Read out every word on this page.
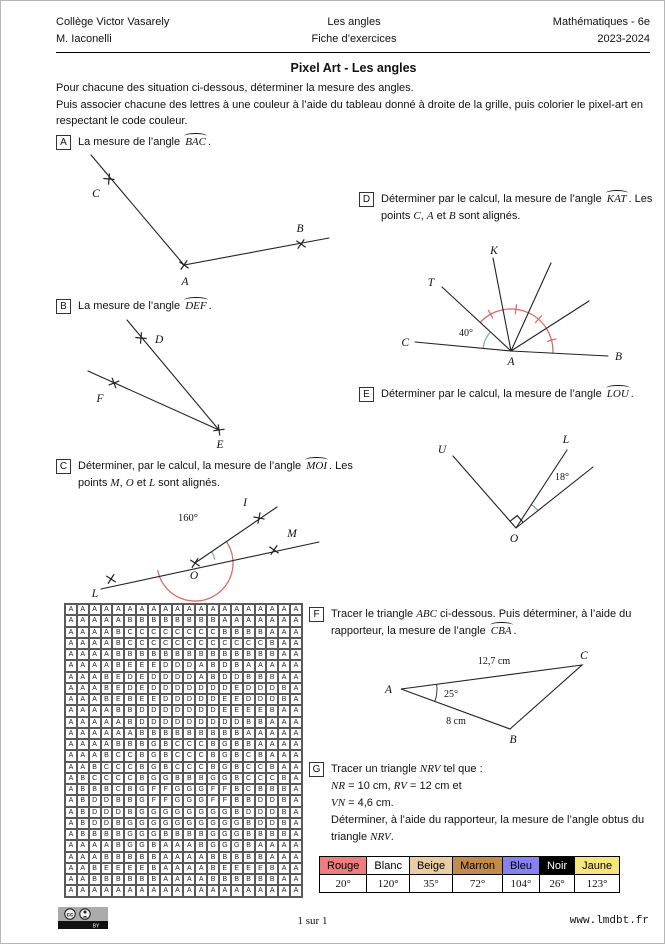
Collège Victor Vasarely
M. Iaconelli
Les angles
Fiche d’exercices
Mathématiques - 6e
2023-2024
Pixel Art - Les angles
Pour chacune des situation ci-dessous, déterminer la mesure des angles.
Puis associer chacune des lettres à une couleur à l’aide du tableau donné à droite de la grille, puis colorier le pixel-art en respectant le code couleur.
A	La mesure de l’angle BAC .
C
A
B
B	La mesure de l’angle DEF .
D
F
E
C Déterminer, par le calcul, la mesure de l’angle MOI . Les points M, O et L sont alignés.
160°
L
O
M
I
A	A	A	A	A	A	A	A	A	A	A	A	A	A	A	A	A	A	A	A
A	A	A	A	A	B	B	B	B	B	B	B	B	A	A	A	A	A	A	A
A	A	A	A	B C C C C C C C C B	B	B	B	A	A	A
A	A	A	A	B C C C C C C C C C C C C B	A	A
A	A	A	A	B	B	B	B	B	B	B	B	B	B	B	B	B	B	A	A
A	A	A	A	B	E	E	E D D D A	B D B	A	A	A	A	A
A	A	A	B	E D E D D D D A	B D D B	B	B	A	A
A	A	A	B	E D E D D D D D D D E D D D B	A
A	A	A	B	E	B	E	E D D D D D E	E D D D B	A
A	A	A	A	B	B D D D D D D D E	E	E	E	B	A	A
A	A	A	A	A	B D D D D D D D D D B	B	A	A	A
A	A	A	A	A	A	B	B	B	B	B	B	B	B	B	A	A	A	A	A
A	A	A	A	B	B	B G B C C C B G B	B	A	A	A	A
A	A	A	B C C B G B C C C B G B C B	A	A	A
A	A	B C C C B G B C C C B G B C C B	A	A
A	B C C C C B G G B	B	B G G B C C C B	A
A	B	B	B C B G F	F G G G F	F	B C B	B	B	A
A	B D D B	B G F	F G G G F	F	B	B D D B	A
A	B D D D B G G G G G G G G B D D D B	A
A	B D D B G G G G G G G G G G B D D B	A
A	B	B	B	B G G G B	B	B	B G G G B	B	B	B	A
A	A	A	A	B G G B	A	A	A	B G G G B	A	A	A	A
A	A	A	B	B	B	B	B	A	A	A	A	B	B	B	B	B	A	A	A
A	A	B	E	E	E	E	B	A	A	A	A	B	E	E	E	E	B	A	A
A	A	B	B	B	B	B	B	A	A	A	A	B	B	B	B	B	B	A	A
A	A	A	A	A	A	A	A	A	A	A	A	A	A	A	A	A	A	A	A
D Déterminer par le calcul, la mesure de l’angle KAT . Les points C, A et B sont alignés.
C
B
A
T
K
40°
E	Déterminer par le calcul, la mesure de l’angle LOU .
U
L
O
18°
F	Tracer le triangle ABC ci-dessous. Puis déterminer, à l’aide du rapporteur, la mesure de l’angle CBA .
A
C
B
12,7 cm
8 cm
25°
G Tracer un triangle NRV tel que :
NR = 10 cm, RV = 12 cm et
VN = 4,6 cm.
Déterminer, à l’aide du rapporteur, la mesure de l’angle obtus du triangle NRV.
Rouge	Blanc	Beige	Marron	Bleu	Noir	Jaune
20°	120°	35°	72°	104°	26°	123°
cc
BY	1 sur 1	www.lmdbt.fr
